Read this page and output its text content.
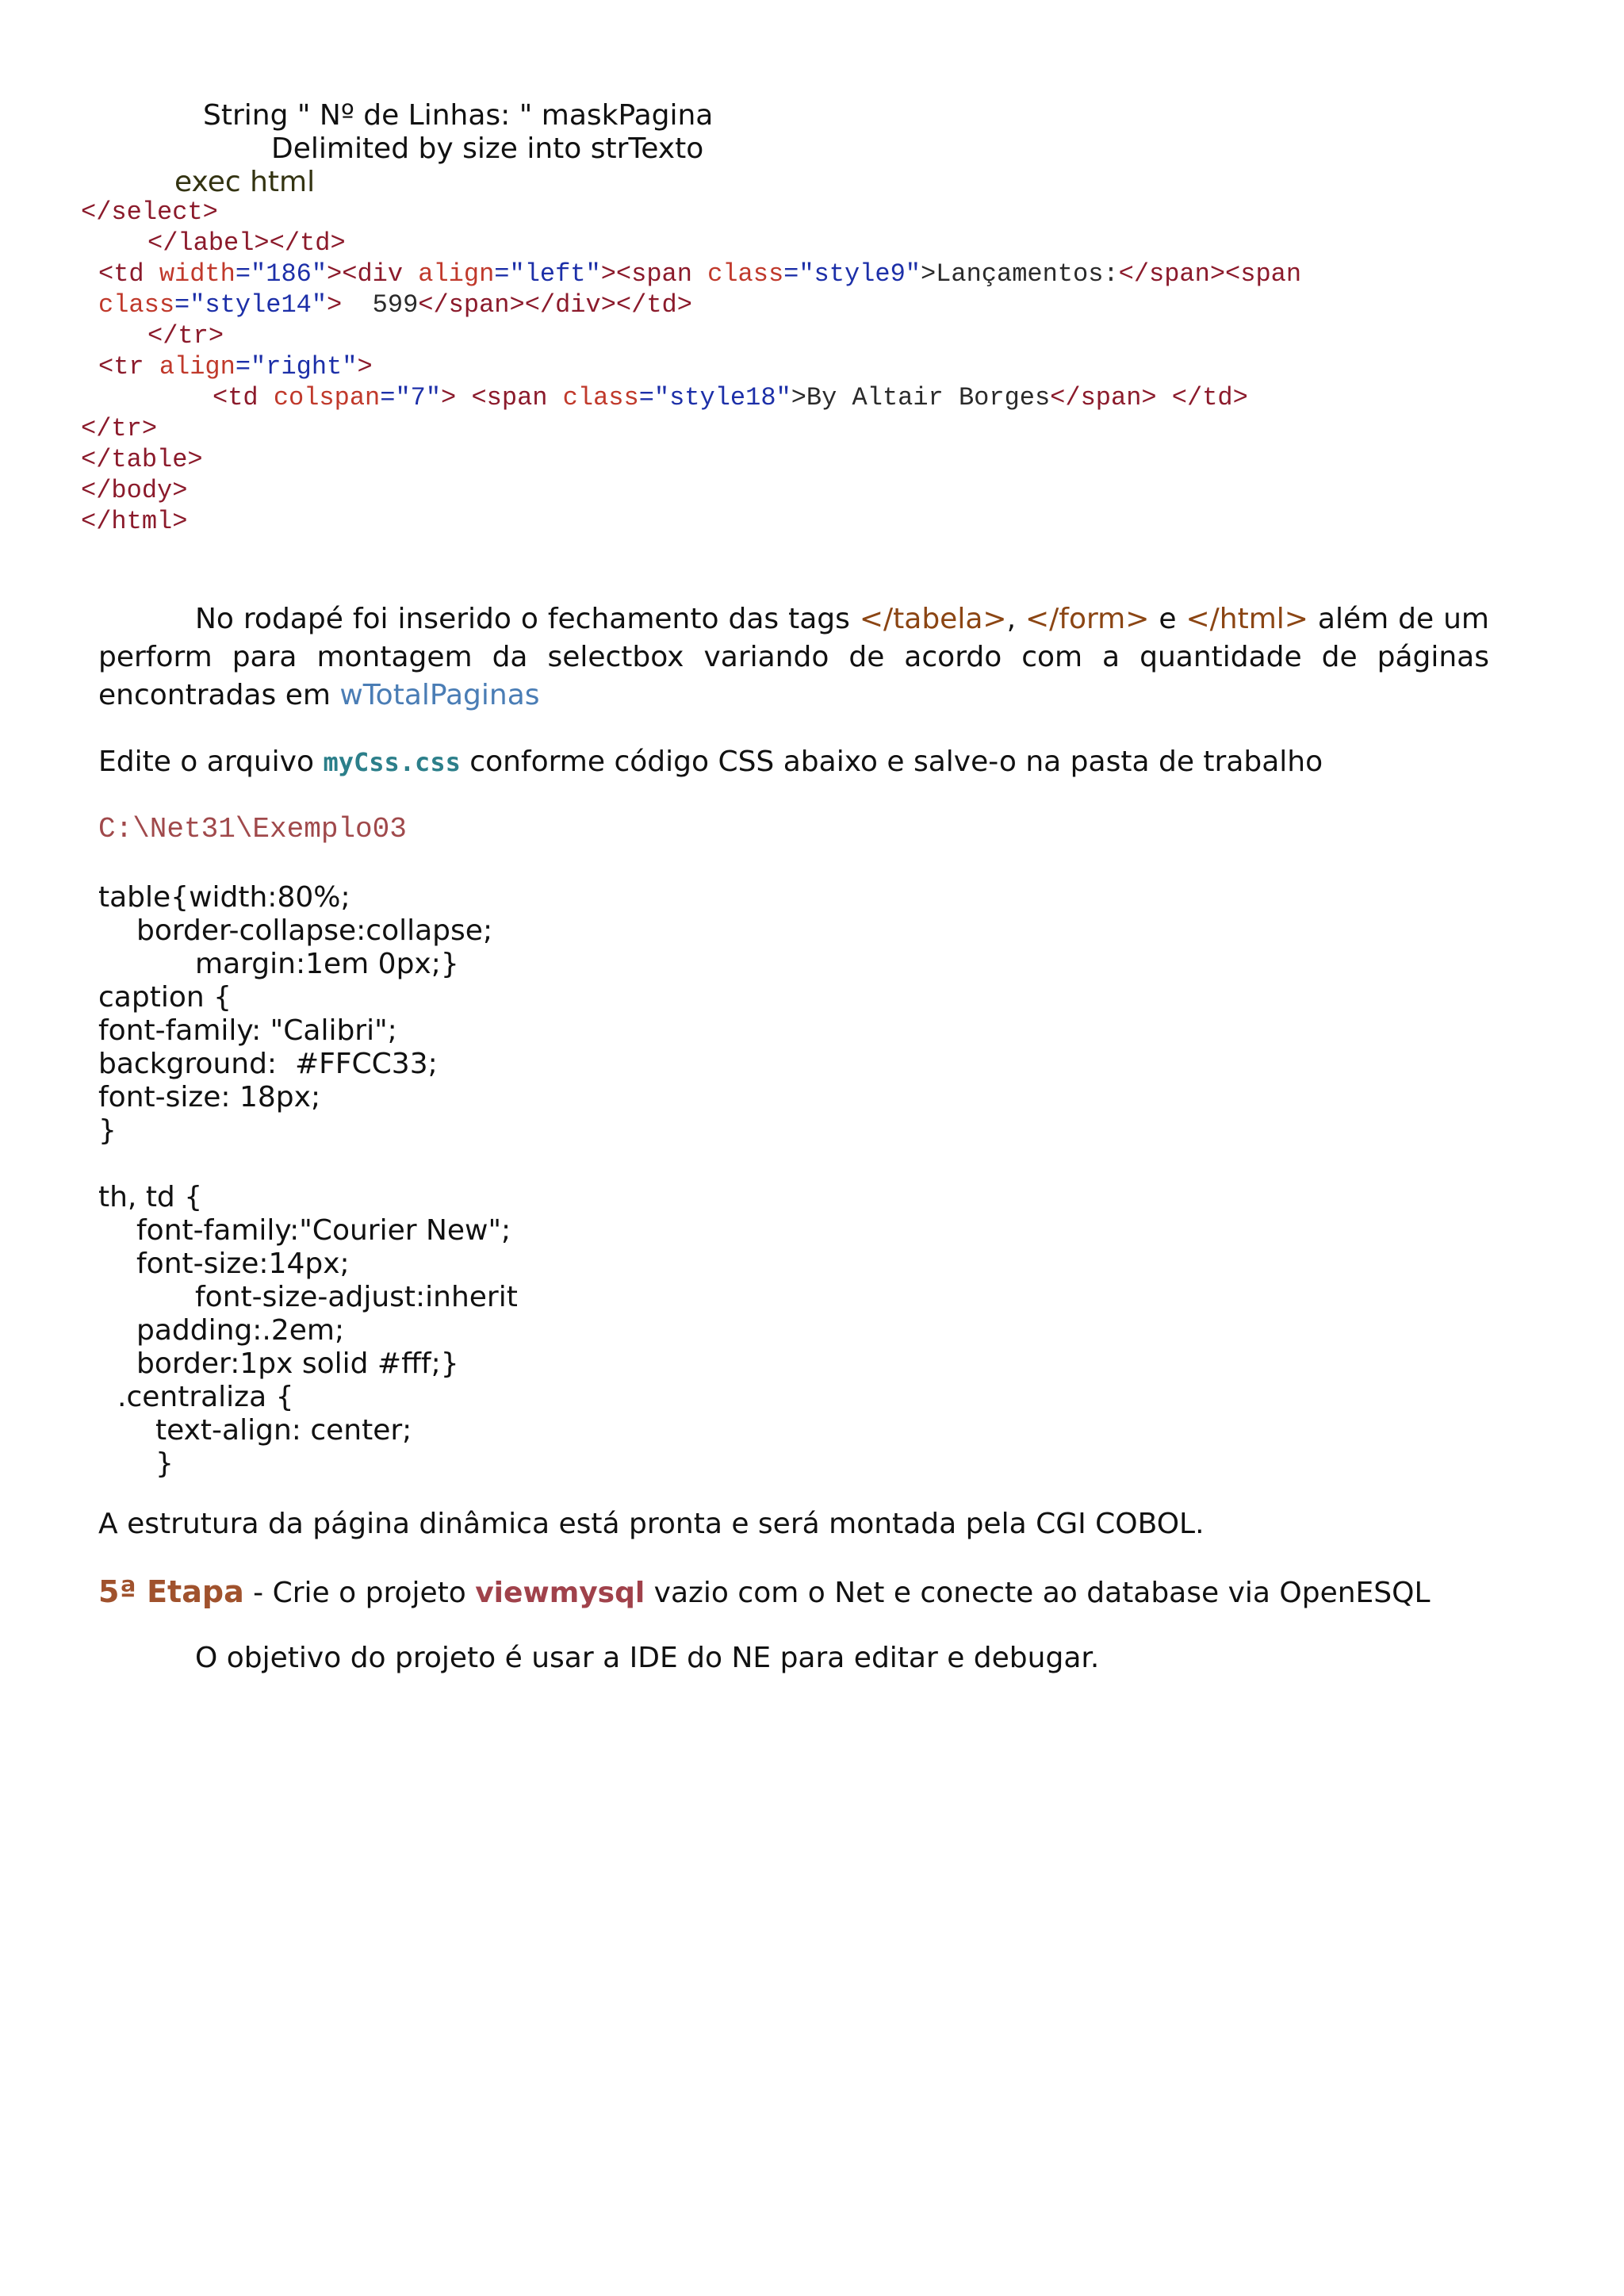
String " Nº de Linhas: " maskPagina
Delimited by size into strTexto
exec html
</select>
</label></td>
<td width="186"><div align="left"><span class="style9">Lançamentos:</span><span
class="style14">  599</span></div></td>
</tr>
<tr align="right">
<td colspan="7"> <span class="style18">By Altair Borges</span> </td>
</tr>
</table>
</body>
</html>
No rodapé foi inserido o fechamento das tags </tabela>, </form> e </html> além de um perform para montagem da selectbox variando de acordo com a quantidade de páginas encontradas em wTotalPaginas
Edite o arquivo myCss.css conforme código CSS abaixo e salve-o na pasta de trabalho
C:\Net31\Exemplo03
table{width:80%;
border-collapse:collapse;
margin:1em 0px;}
caption {
font-family: "Calibri";
background:  #FFCC33;
font-size: 18px;
}
th, td {
font-family:"Courier New";
font-size:14px;
font-size-adjust:inherit
padding:.2em;
border:1px solid #fff;}
.centraliza {
text-align: center;
}
A estrutura da página dinâmica está pronta e será montada pela CGI COBOL.
5ª Etapa - Crie o projeto viewmysql vazio com o Net e conecte ao database via OpenESQL
O objetivo do projeto é usar a IDE do NE para editar e debugar.
